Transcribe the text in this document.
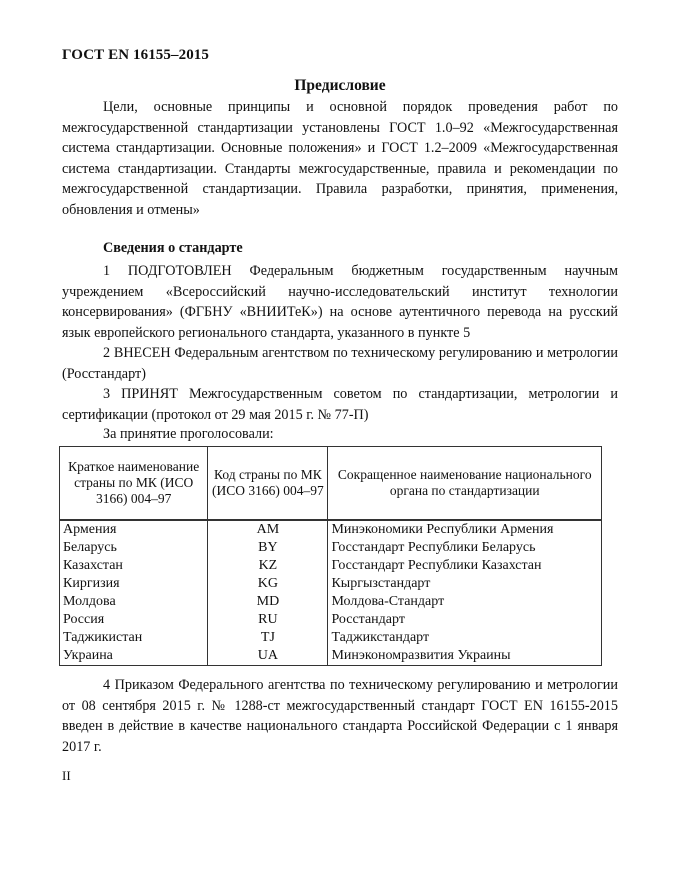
ГОСТ EN 16155–2015
Предисловие
Цели, основные принципы и основной порядок проведения работ по межгосударственной стандартизации установлены ГОСТ 1.0–92 «Межгосударственная система стандартизации. Основные положения» и ГОСТ 1.2–2009 «Межгосударственная система стандартизации. Стандарты межгосударственные, правила и рекомендации по межгосударственной стандартизации. Правила разработки, принятия, применения, обновления и отмены»
Сведения о стандарте
1 ПОДГОТОВЛЕН Федеральным бюджетным государственным научным учреждением «Всероссийский научно-исследовательский институт технологии консервирования» (ФГБНУ «ВНИИТеК») на основе аутентичного перевода на русский язык европейского регионального стандарта, указанного в пункте 5
2 ВНЕСЕН Федеральным агентством по техническому регулированию и метрологии (Росстандарт)
3 ПРИНЯТ Межгосударственным советом по стандартизации, метрологии и сертификации (протокол от 29 мая 2015 г. № 77-П)
За принятие проголосовали:
Краткое наименование страны по МК (ИСО 3166) 004–97	Код страны по МК (ИСО 3166) 004–97	Сокращенное наименование национального органа по стандартизации
Армения	AM	Минэкономики Республики Армения
Беларусь	BY	Госстандарт Республики Беларусь
Казахстан	KZ	Госстандарт Республики Казахстан
Киргизия	KG	Кыргызстандарт
Молдова	MD	Молдова-Стандарт
Россия	RU	Росстандарт
Таджикистан	TJ	Таджикстандарт
Украина	UA	Минэкономразвития Украины
4 Приказом Федерального агентства по техническому регулированию и метрологии от 08 сентября 2015 г. № 1288-ст межгосударственный стандарт ГОСТ EN 16155-2015 введен в действие в качестве национального стандарта Российской Федерации с 1 января 2017 г.
II
